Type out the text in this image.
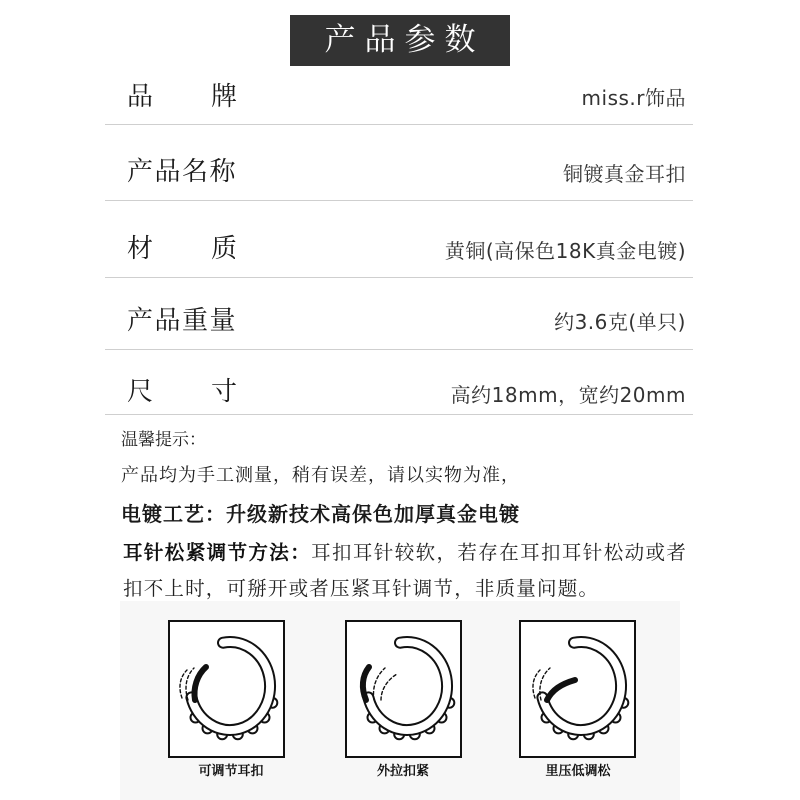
产品参数
品牌	miss.r饰品
产品名称	铜镀真金耳扣
材质	黄铜(高保色18K真金电镀)
产品重量	约3.6克(单只)
尺寸	高约18mm，宽约20mm
温馨提示：
产品均为手工测量，稍有误差，请以实物为准，
电镀工艺：升级新技术高保色加厚真金电镀
耳针松紧调节方法：耳扣耳针较软，若存在耳扣耳针松动或者
扣不上时，可掰开或者压紧耳针调节，非质量问题。
可调节耳扣	外拉扣紧	里压低调松
